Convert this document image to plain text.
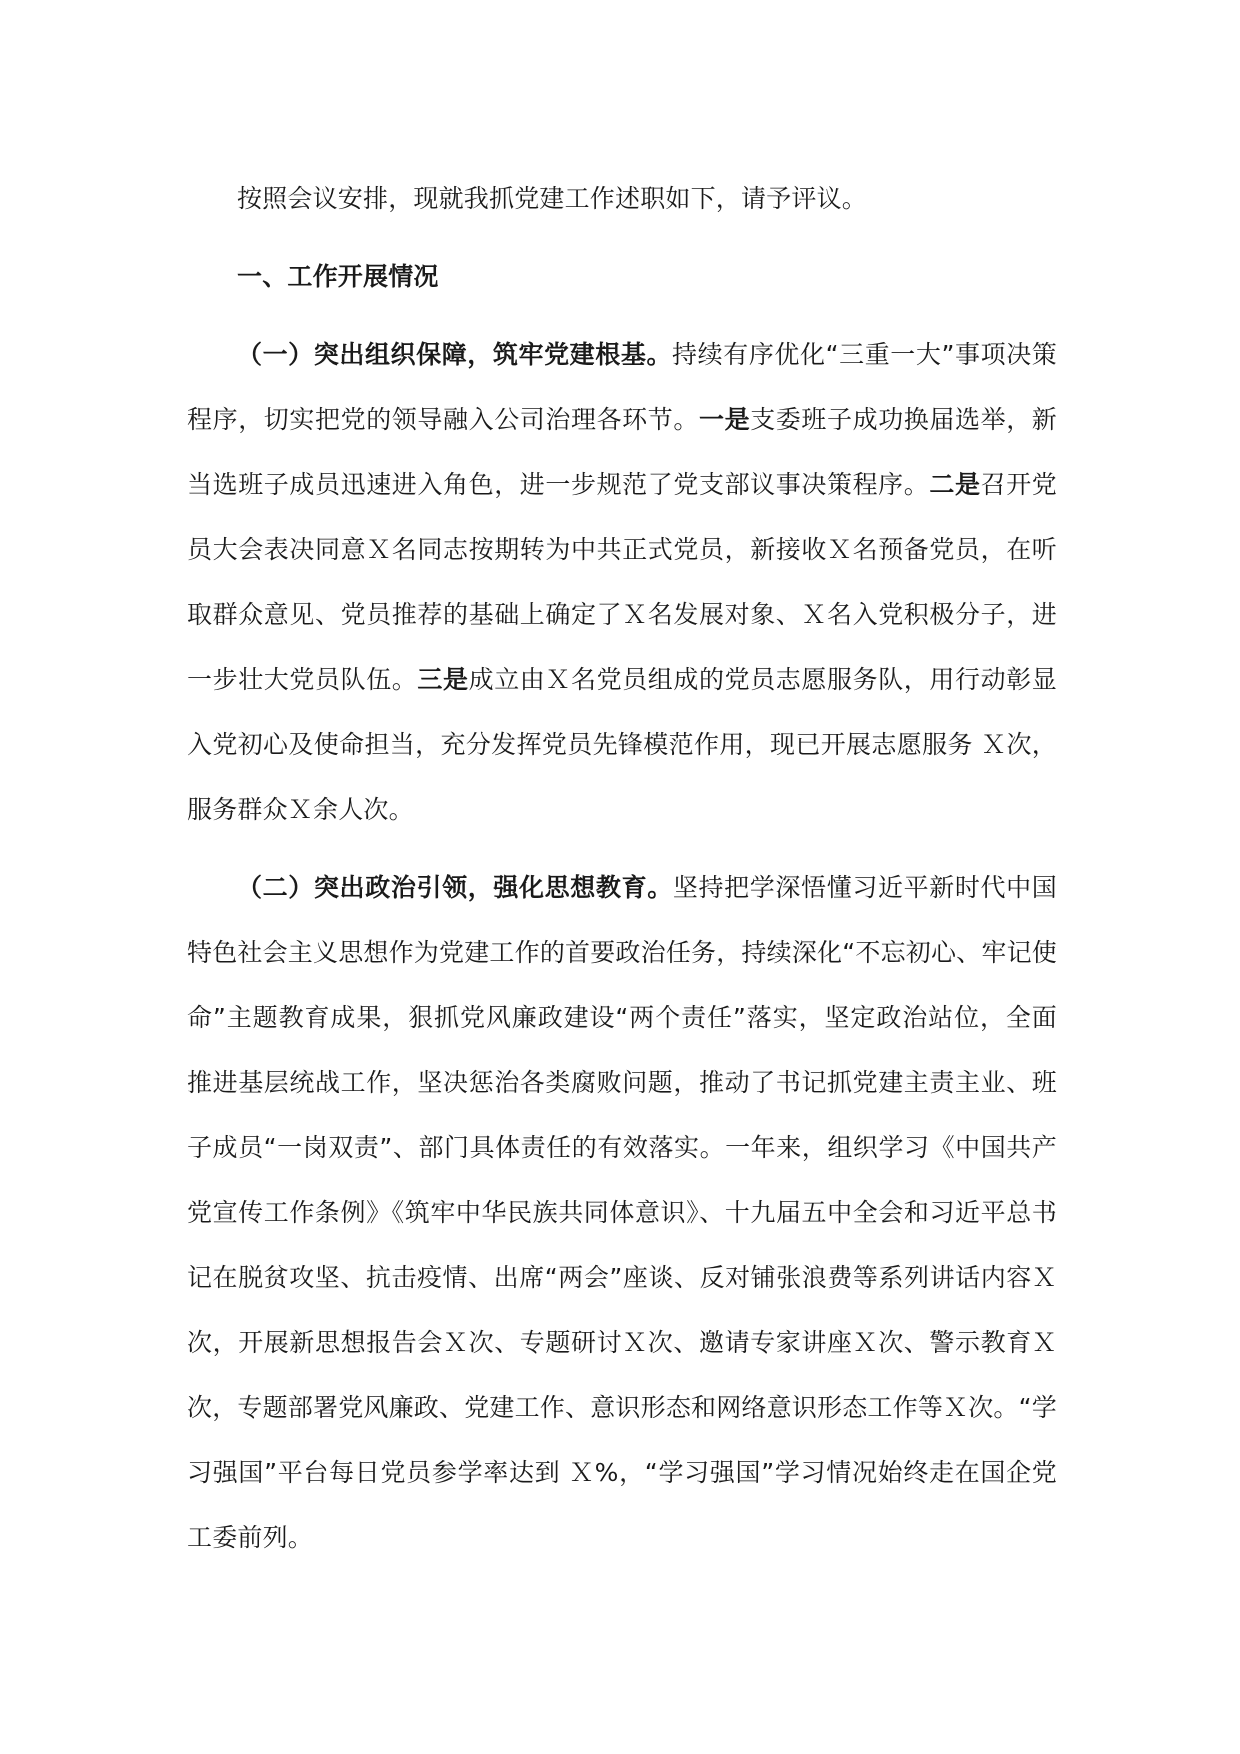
按照会议安排，现就我抓党建工作述职如下，请予评议。

一、工作开展情况

（一）突出组织保障，筑牢党建根基。持续有序优化“三重一大”事项决策程序，切实把党的领导融入公司治理各环节。一是支委班子成功换届选举，新当选班子成员迅速进入角色，进一步规范了党支部议事决策程序。二是召开党员大会表决同意Ｘ名同志按期转为中共正式党员，新接收Ｘ名预备党员，在听取群众意见、党员推荐的基础上确定了Ｘ名发展对象、Ｘ名入党积极分子，进一步壮大党员队伍。三是成立由Ｘ名党员组成的党员志愿服务队，用行动彰显入党初心及使命担当，充分发挥党员先锋模范作用，现已开展志愿服务 Ｘ次，服务群众Ｘ余人次。

（二）突出政治引领，强化思想教育。坚持把学深悟懂习近平新时代中国特色社会主义思想作为党建工作的首要政治任务，持续深化“不忘初心、牢记使命”主题教育成果，狠抓党风廉政建设“两个责任”落实，坚定政治站位，全面推进基层统战工作，坚决惩治各类腐败问题，推动了书记抓党建主责主业、班子成员“一岗双责”、部门具体责任的有效落实。一年来，组织学习《中国共产党宣传工作条例》《筑牢中华民族共同体意识》、十九届五中全会和习近平总书记在脱贫攻坚、抗击疫情、出席“两会”座谈、反对铺张浪费等系列讲话内容Ｘ次，开展新思想报告会Ｘ次、专题研讨Ｘ次、邀请专家讲座Ｘ次、警示教育Ｘ次，专题部署党风廉政、党建工作、意识形态和网络意识形态工作等Ｘ次。“学习强国”平台每日党员参学率达到 Ｘ%，“学习强国”学习情况始终走在国企党工委前列。
